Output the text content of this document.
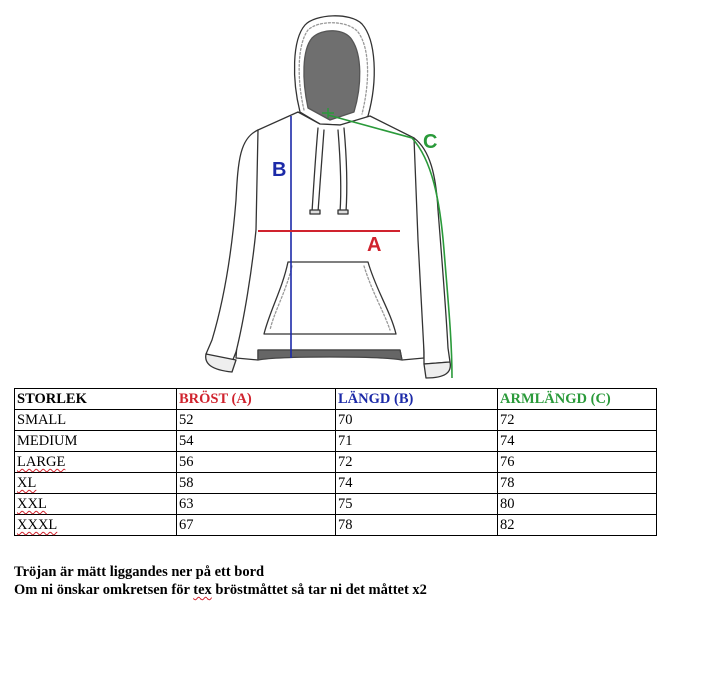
A
B
C
STORLEK	BRÖST (A)	LÄNGD (B)	ARMLÄNGD (C)
SMALL	52	70	72
MEDIUM	54	71	74
LARGE	56	72	76
XL	58	74	78
XXL	63	75	80
XXXL	67	78	82

Tröjan är mätt liggandes ner på ett bord

Om ni önskar omkretsen för tex bröstmåttet så tar ni det måttet x2
